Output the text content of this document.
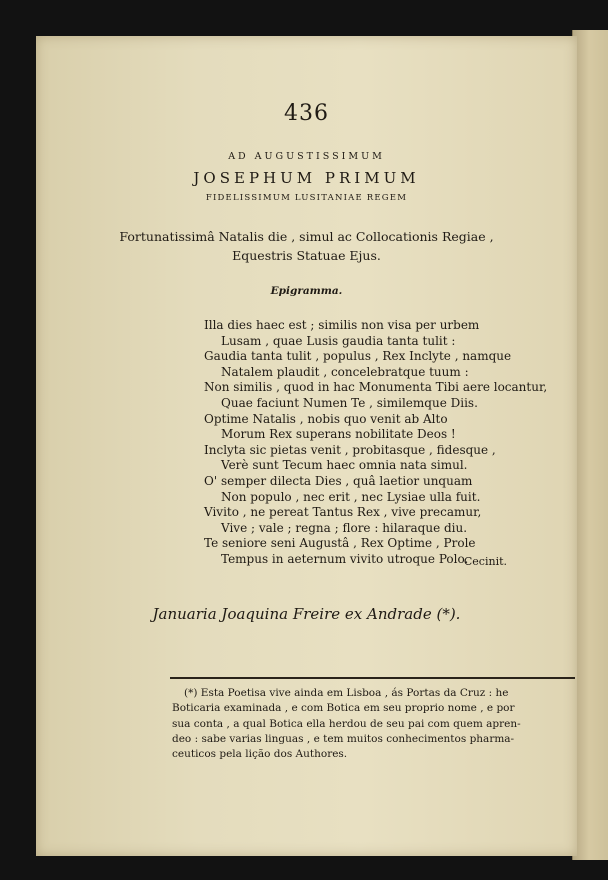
436
AD AUGUSTISSIMUM
JOSEPHUM PRIMUM
FIDELISSIMUM LUSITANIAE REGEM
Fortunatissimâ Natalis die , simul ac Collocationis Regiae ,
Equestris Statuae Ejus.
Epigramma.
Illa dies haec est ; similis non visa per urbem
Lusam , quae Lusis gaudia tanta tulit :
Gaudia tanta tulit , populus , Rex Inclyte , namque
Natalem plaudit , concelebratque tuum :
Non similis , quod in hac Monumenta Tibi aere locantur,
Quae faciunt Numen Te , similemque Diis.
Optime Natalis , nobis quo venit ab Alto
Morum Rex superans nobilitate Deos !
Inclyta sic pietas venit , probitasque , fidesque ,
Verè sunt Tecum haec omnia nata simul.
O' semper dilecta Dies , quâ laetior unquam
Non populo , nec erit , nec Lysiae ulla fuit.
Vivito , ne pereat Tantus Rex , vive precamur,
Vive ; vale ; regna ; flore : hilaraque diu.
Te seniore seni Augustâ , Rex Optime , Prole
Tempus in aeternum vivito utroque Polo.
Cecinit.
Januaria Joaquina Freire ex Andrade (*).
(*) Esta Poetisa vive ainda em Lisboa , ás Portas da Cruz : he
Boticaria examinada , e com Botica em seu proprio nome , e por
sua conta , a qual Botica ella herdou de seu pai com quem apren-
deo : sabe varias linguas , e tem muitos conhecimentos pharma-
ceuticos pela lição dos Authores.
